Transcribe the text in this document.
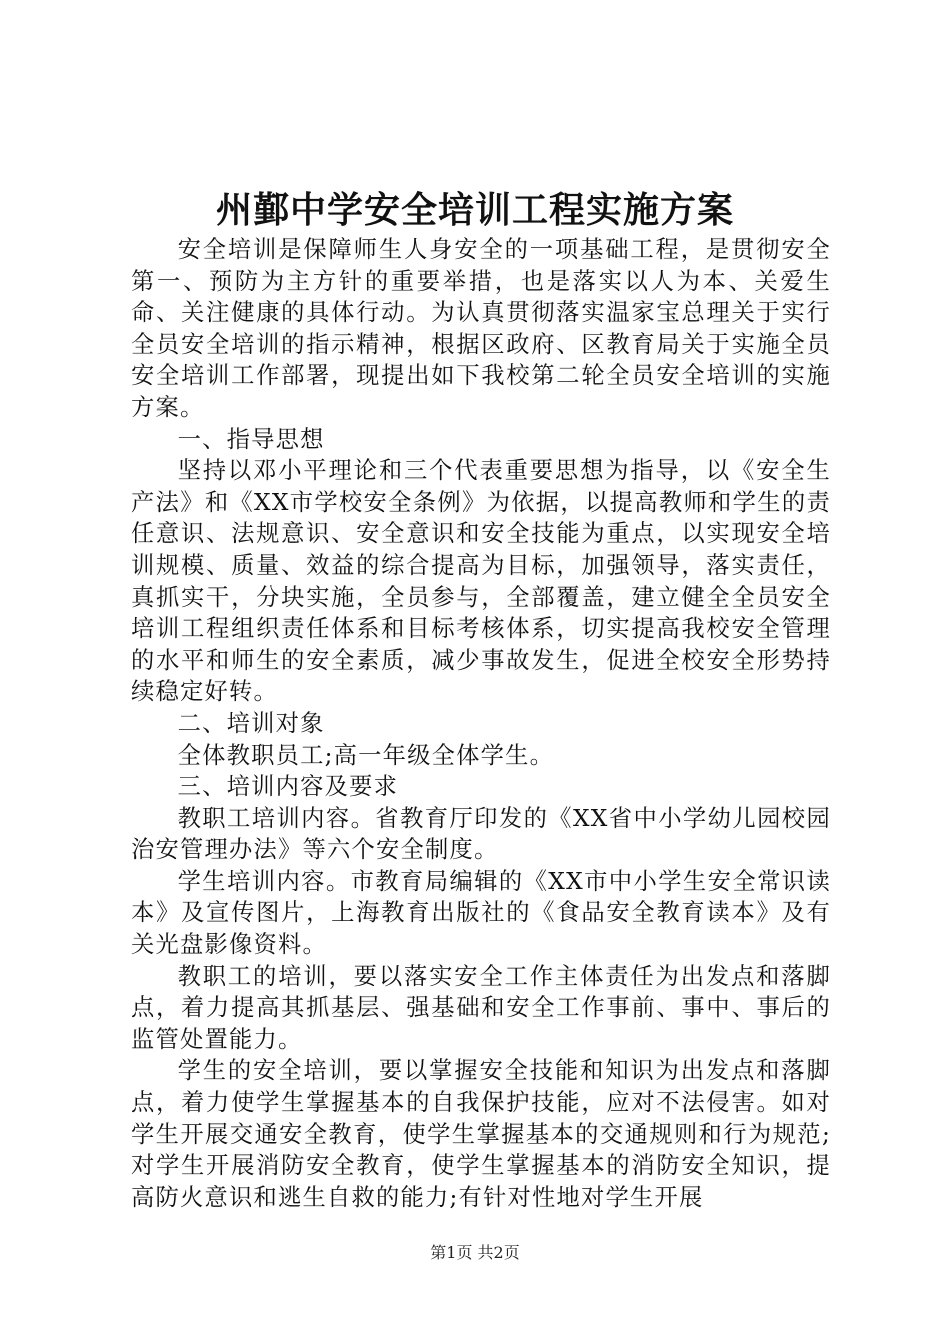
州鄞中学安全培训工程实施方案

安全培训是保障师生人身安全的一项基础工程，是贯彻安全第一、预防为主方针的重要举措，也是落实以人为本、关爱生命、关注健康的具体行动。为认真贯彻落实温家宝总理关于实行全员安全培训的指示精神，根据区政府、区教育局关于实施全员安全培训工作部署，现提出如下我校第二轮全员安全培训的实施方案。

一、指导思想

坚持以邓小平理论和三个代表重要思想为指导，以《安全生产法》和《XX市学校安全条例》为依据，以提高教师和学生的责任意识、法规意识、安全意识和安全技能为重点，以实现安全培训规模、质量、效益的综合提高为目标，加强领导，落实责任，真抓实干，分块实施，全员参与，全部覆盖，建立健全全员安全培训工程组织责任体系和目标考核体系，切实提高我校安全管理的水平和师生的安全素质，减少事故发生，促进全校安全形势持续稳定好转。

二、培训对象

全体教职员工;高一年级全体学生。

三、培训内容及要求

教职工培训内容。省教育厅印发的《XX省中小学幼儿园校园治安管理办法》等六个安全制度。

学生培训内容。市教育局编辑的《XX市中小学生安全常识读本》及宣传图片，上海教育出版社的《食品安全教育读本》及有关光盘影像资料。

教职工的培训，要以落实安全工作主体责任为出发点和落脚点，着力提高其抓基层、强基础和安全工作事前、事中、事后的监管处置能力。

学生的安全培训，要以掌握安全技能和知识为出发点和落脚点，着力使学生掌握基本的自我保护技能，应对不法侵害。如对学生开展交通安全教育，使学生掌握基本的交通规则和行为规范;对学生开展消防安全教育，使学生掌握基本的消防安全知识，提高防火意识和逃生自救的能力;有针对性地对学生开展

第1页 共2页
